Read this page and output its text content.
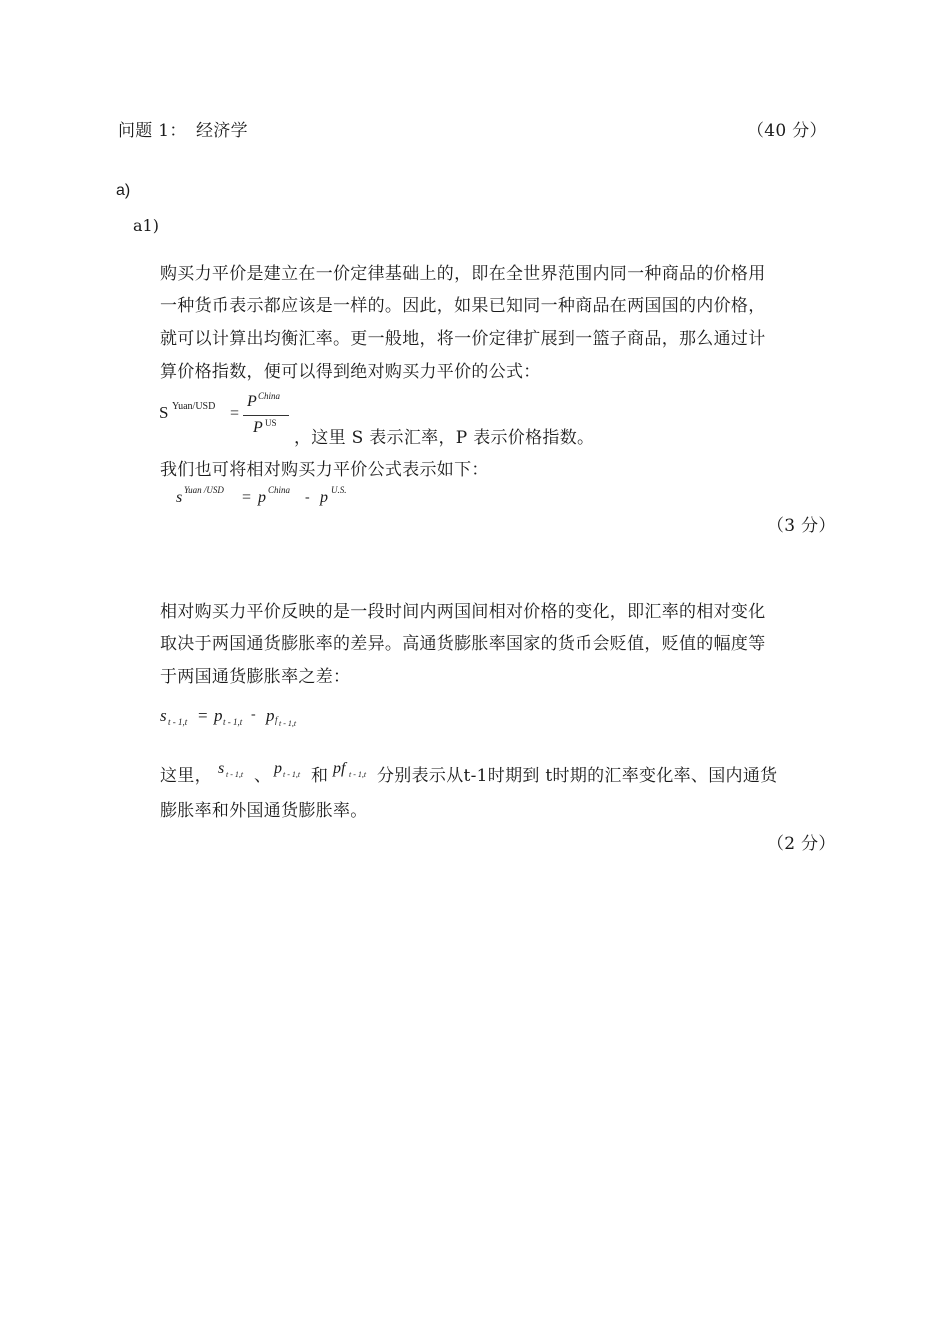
问题 1： 经济学	（40 分）
a)
a1)
购买力平价是建立在一价定律基础上的，即在全世界范围内同一种商品的价格用
一种货币表示都应该是一样的。因此，如果已知同一种商品在两国国的内价格，
就可以计算出均衡汇率。更一般地，将一价定律扩展到一篮子商品，那么通过计
算价格指数，便可以得到绝对购买力平价的公式：
S Yuan/USD =
P China
P US
，这里 S 表示汇率，P 表示价格指数。
我们也可将相对购买力平价公式表示如下：
s Yuan /USD = p China - p U.S.
（3 分）
相对购买力平价反映的是一段时间内两国间相对价格的变化，即汇率的相对变化
取决于两国通货膨胀率的差异。高通货膨胀率国家的货币会贬值，贬值的幅度等
于两国通货膨胀率之差：
s t - 1,t = p t - 1,t - p f t - 1,t
这里， s t - 1,t 、 p t - 1,t 和 pf t - 1,t 分别表示从t-1时期到 t时期的汇率变化率、国内通货
膨胀率和外国通货膨胀率。
（2 分）
